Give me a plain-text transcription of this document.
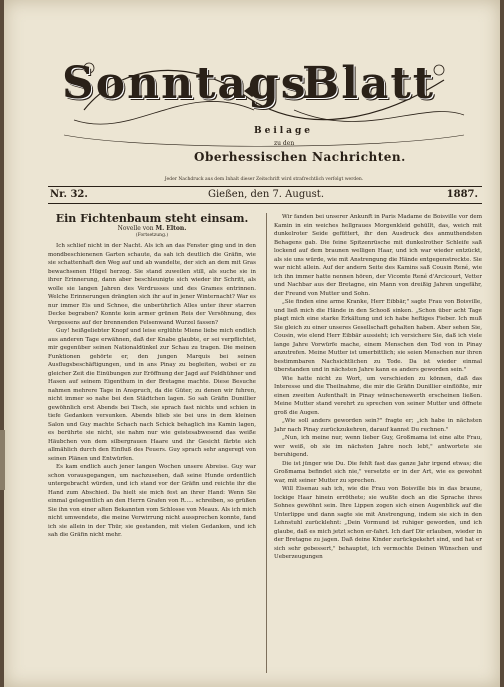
Sonntags
Blatt
Beilage
zu den
Oberhessischen Nachrichten.
Jeder Nachdruck aus dem Inhalt dieser Zeitschrift wird strafrechtlich verfolgt werden.
Nr. 32.	Gießen, den 7. August.	1887.
Ein Fichtenbaum steht einsam.
Novelle von M. Elton.
(Fortsetzung.)

Ich schlief nicht in der Nacht. Als ich an das Fenster ging und in den mondbeschienenen Garten schaute, da sah ich deutlich die Gräfin, wie sie schattenhaft den Weg auf und ab wandelte, der sich an dem mit Gras bewachsenen Hügel herzog. Sie stand zuweilen still, als suche sie in ihrer Erinnerung, dann aber beschleunigte sich wieder ihr Schritt, als wolle sie langen Jahren des Verdrusses und des Grames entrinnen. Welche Erinnerungen drängten sich ihr auf in jener Winternacht? War es nur immer Eis und Schnee, die unberührlich Alles unter ihrer starren Decke begraben? Konnte kein armer grünen Reis der Versöhnung, des Vergessens auf der brennenden Felsenwand Wurzel fassen?

Guy! heißgeliebter Knopf und leise erglühte Miene liebe mich endlich aus anderen Tage erwähnen, daß der Knabe glaubte, er sei verpflichtet, mir gegenüber seinen Nationaldünkel zur Schau zu tragen. Die meinen Funktionen gehörte er, den jungen Marquis bei seinen Ausflugsbeschäftigungen, und in ans Pinay zu begleiten, wobei er zu gleicher Zeit die Einübungen zur Eröffnung der Jagd auf Feldhühner und Hasen auf seinem Eigenthum in der Bretagne machte. Diese Besuche nahmen mehrere Tage in Anspruch, da die Güter, zu denen wir fuhren, nicht immer so nahe bei den Städtchen lagen. So sah Gräfin Dunillier gewöhnlich erst Abends bei Tisch, sie sprach fast nichts und schien in tiefe Gedanken versunken. Abends blieb sie bei uns in dem kleinen Salon und Guy machte Schach nach Schick behaglich ins Kamin lagen, es berührte sie nicht, sie nahm nur wie geistesabwesend das weiße Häubchen von dem silbergrauen Haare und ihr Gesicht färbte sich allmählich durch den Einfluß des Feuers. Guy sprach sehr angeregt von seinen Plänen und Entwürfen.

Es kam endlich auch jener langen Wochen unsere Abreise. Guy war schon vorausgegangen, um nachzusehen, daß seine Hunde ordentlich untergebracht würden, und ich stand vor der Gräfin und reichte ihr die Hand zum Abschied. Da hielt sie mich fest an ihrer Hand: Wenn Sie einmal gelegentlich an den Herrn Grafen von R..... schreiben, so grüßen Sie ihn von einer alten Bekannten vom Schlosse von Meaux. Als ich mich nicht umwendete, die meine Verwirrung nicht aussprechen konnte, fand ich sie allein in der Thür, sie gestanden, mit vielen Gedanken, und ich sah die Gräfin nicht mehr.

Wir fanden bei unserer Ankunft in Paris Madame de Boisville vor dem Kamin in ein weiches hellgraues Morgenkleid gehüllt, das, weich mit dunkelroter Seide gefüttert, ihr den Ausdruck des anmuthendsten Behagens gab. Die feine Spitzenrüsche mit dunkelrother Schleife saß lockend auf dem braunen welligen Haar, und ich war wieder entzückt, als sie uns würde, wie mit Anstrengung die Hände entgegenstreckte. Sie war nicht allein. Auf der andern Seite des Kamins saß Cousin René, wie ich ihn immer hatte nennen hören, der Vicomte René d'Arcicourt, Vetter und Nachbar aus der Bretagne, ein Mann von dreißig Jahren ungefähr, der Freund von Mutter und Sohn.

„Sie finden eine arme Kranke, Herr Eibbär," sagte Frau von Boisville, und ließ mich die Hände in den Schooß sinken. „Schon über acht Tage plagt mich eine starke Erkältung und ich habe heftiges Fieber. Ich muß Sie gleich zu einer unseres Gesellschaft gehalten haben. Aber sehen Sie, Cousin, wie elend Herr Eibbär aussieht; ich versichere Sie, daß ich viele lange Jahre Vorwürfe mache, einem Menschen den Tod von in Pinay anzutrefen. Meine Mutter ist umerbittlich; sie seien Menschen nur ihren bestimmbaren Nachsichtlichen zu Tode. Da ist wieder einmal überstanden und in nächsten Jahre kann es anders geworden sein."

Wie hatte nicht zu Wort, um verschieden zu können, daß das Interesse und die Theilnahme, die mir die Gräfin Dunillier einflößte, mir einen zweiten Aufenthalt in Pinay wünschenswerth erscheinen ließen. Meine Mutter stand verehrt zu sprechen von seiner Mutter und öffnete groß die Augen.

„Wie soll anders geworden sein?" fragte er; „ich habe in nächsten Jahr nach Pinay zurückzukehren, darauf kannst Du rechnen."

„Nun, ich meine nur, wenn lieber Guy, Großmama ist eine alte Frau, wer weiß, ob sie im nächsten Jahre noch lebt," antwortete sie beruhigend.

Die ist jünger wie Du. Die fehlt fast das ganze Jahr irgend etwas; die Großmama befindet sich nie," versetzte er in der Art, wie es gewohnt war, mit seiner Mutter zu sprechen.

Will Eisenau sah ich, wie die Frau von Boisville bis in das braune, lockige Haar hinein erröthete; sie wußte doch an die Sprache ihres Sohnes gewöhnt sein. Ihre Lippen zogen sich einen Augenblick auf die Unterlippe und dann sagte sie mit Anstrengung, indem sie sich in den Lehnstuhl zurücklehnt: „Dein Vormund ist ruhiger geworden, und ich glaube, daß es mich jetzt schon er-fahrt. Ich darf Dir erlauben, wieder in der Bretagne zu jagen. Daß deine Kinder zurückgekehrt sind, und hat er sich sehr gebessert," behauptet, ich vermochte Deinen Wünschen und Ueberzeugungen
